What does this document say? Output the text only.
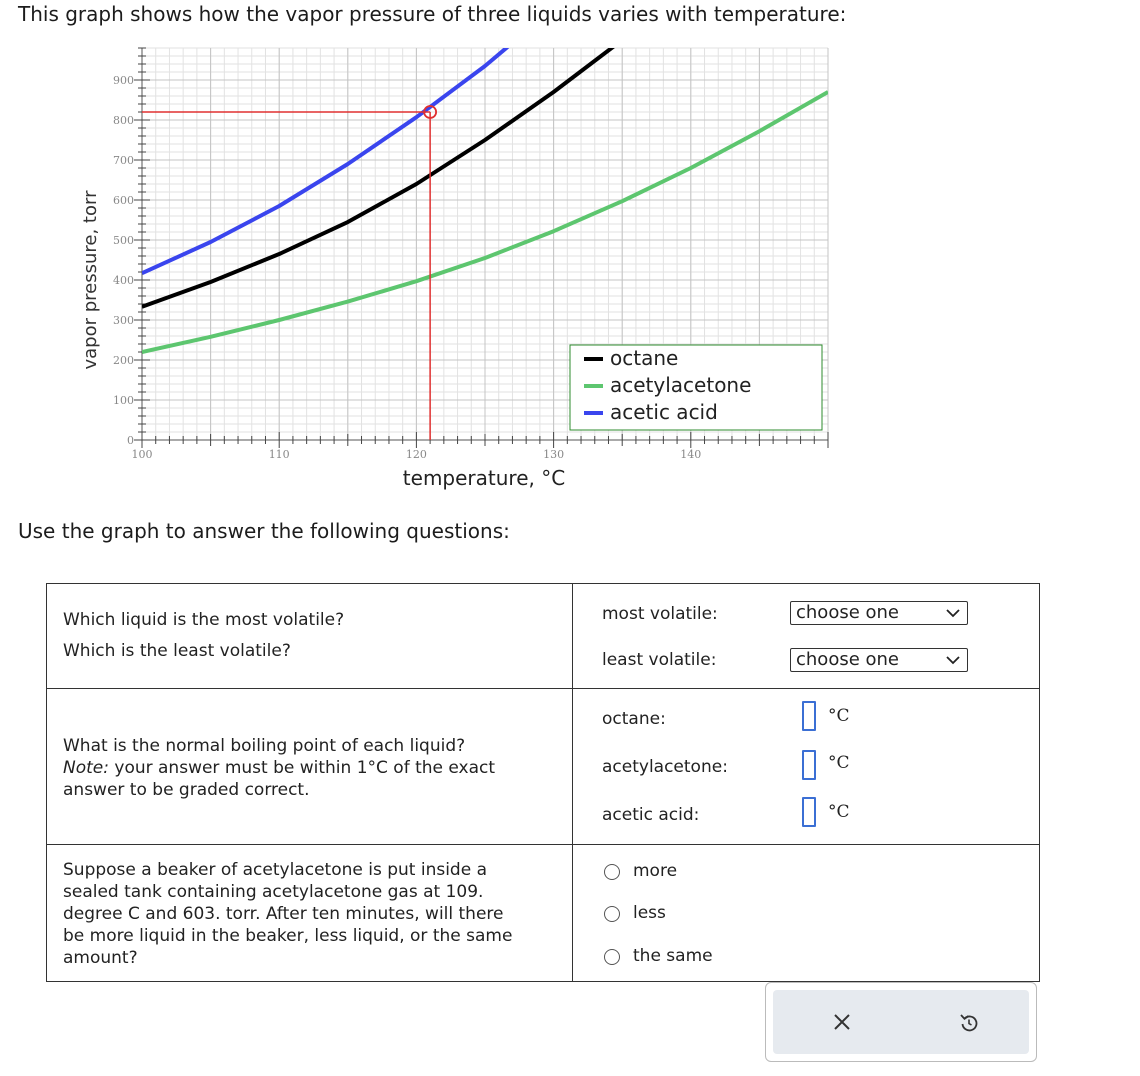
This graph shows how the vapor pressure of three liquids varies with temperature:
0
100
200
300
400
500
600
700
800
900
100	110	120	130	140
vapor pressure, torr
temperature, °C
octane
acetylacetone
acetic acid
Use the graph to answer the following questions:
Which liquid is the most volatile?
Which is the least volatile?
most volatile:	choose one
least volatile:	choose one
What is the normal boiling point of each liquid?
Note: your answer must be within 1°C of the exact
answer to be graded correct.
octane:	°C
acetylacetone:	°C
acetic acid:	°C
Suppose a beaker of acetylacetone is put inside a
sealed tank containing acetylacetone gas at 109.
degree C and 603. torr. After ten minutes, will there
be more liquid in the beaker, less liquid, or the same
amount?
more
less
the same
